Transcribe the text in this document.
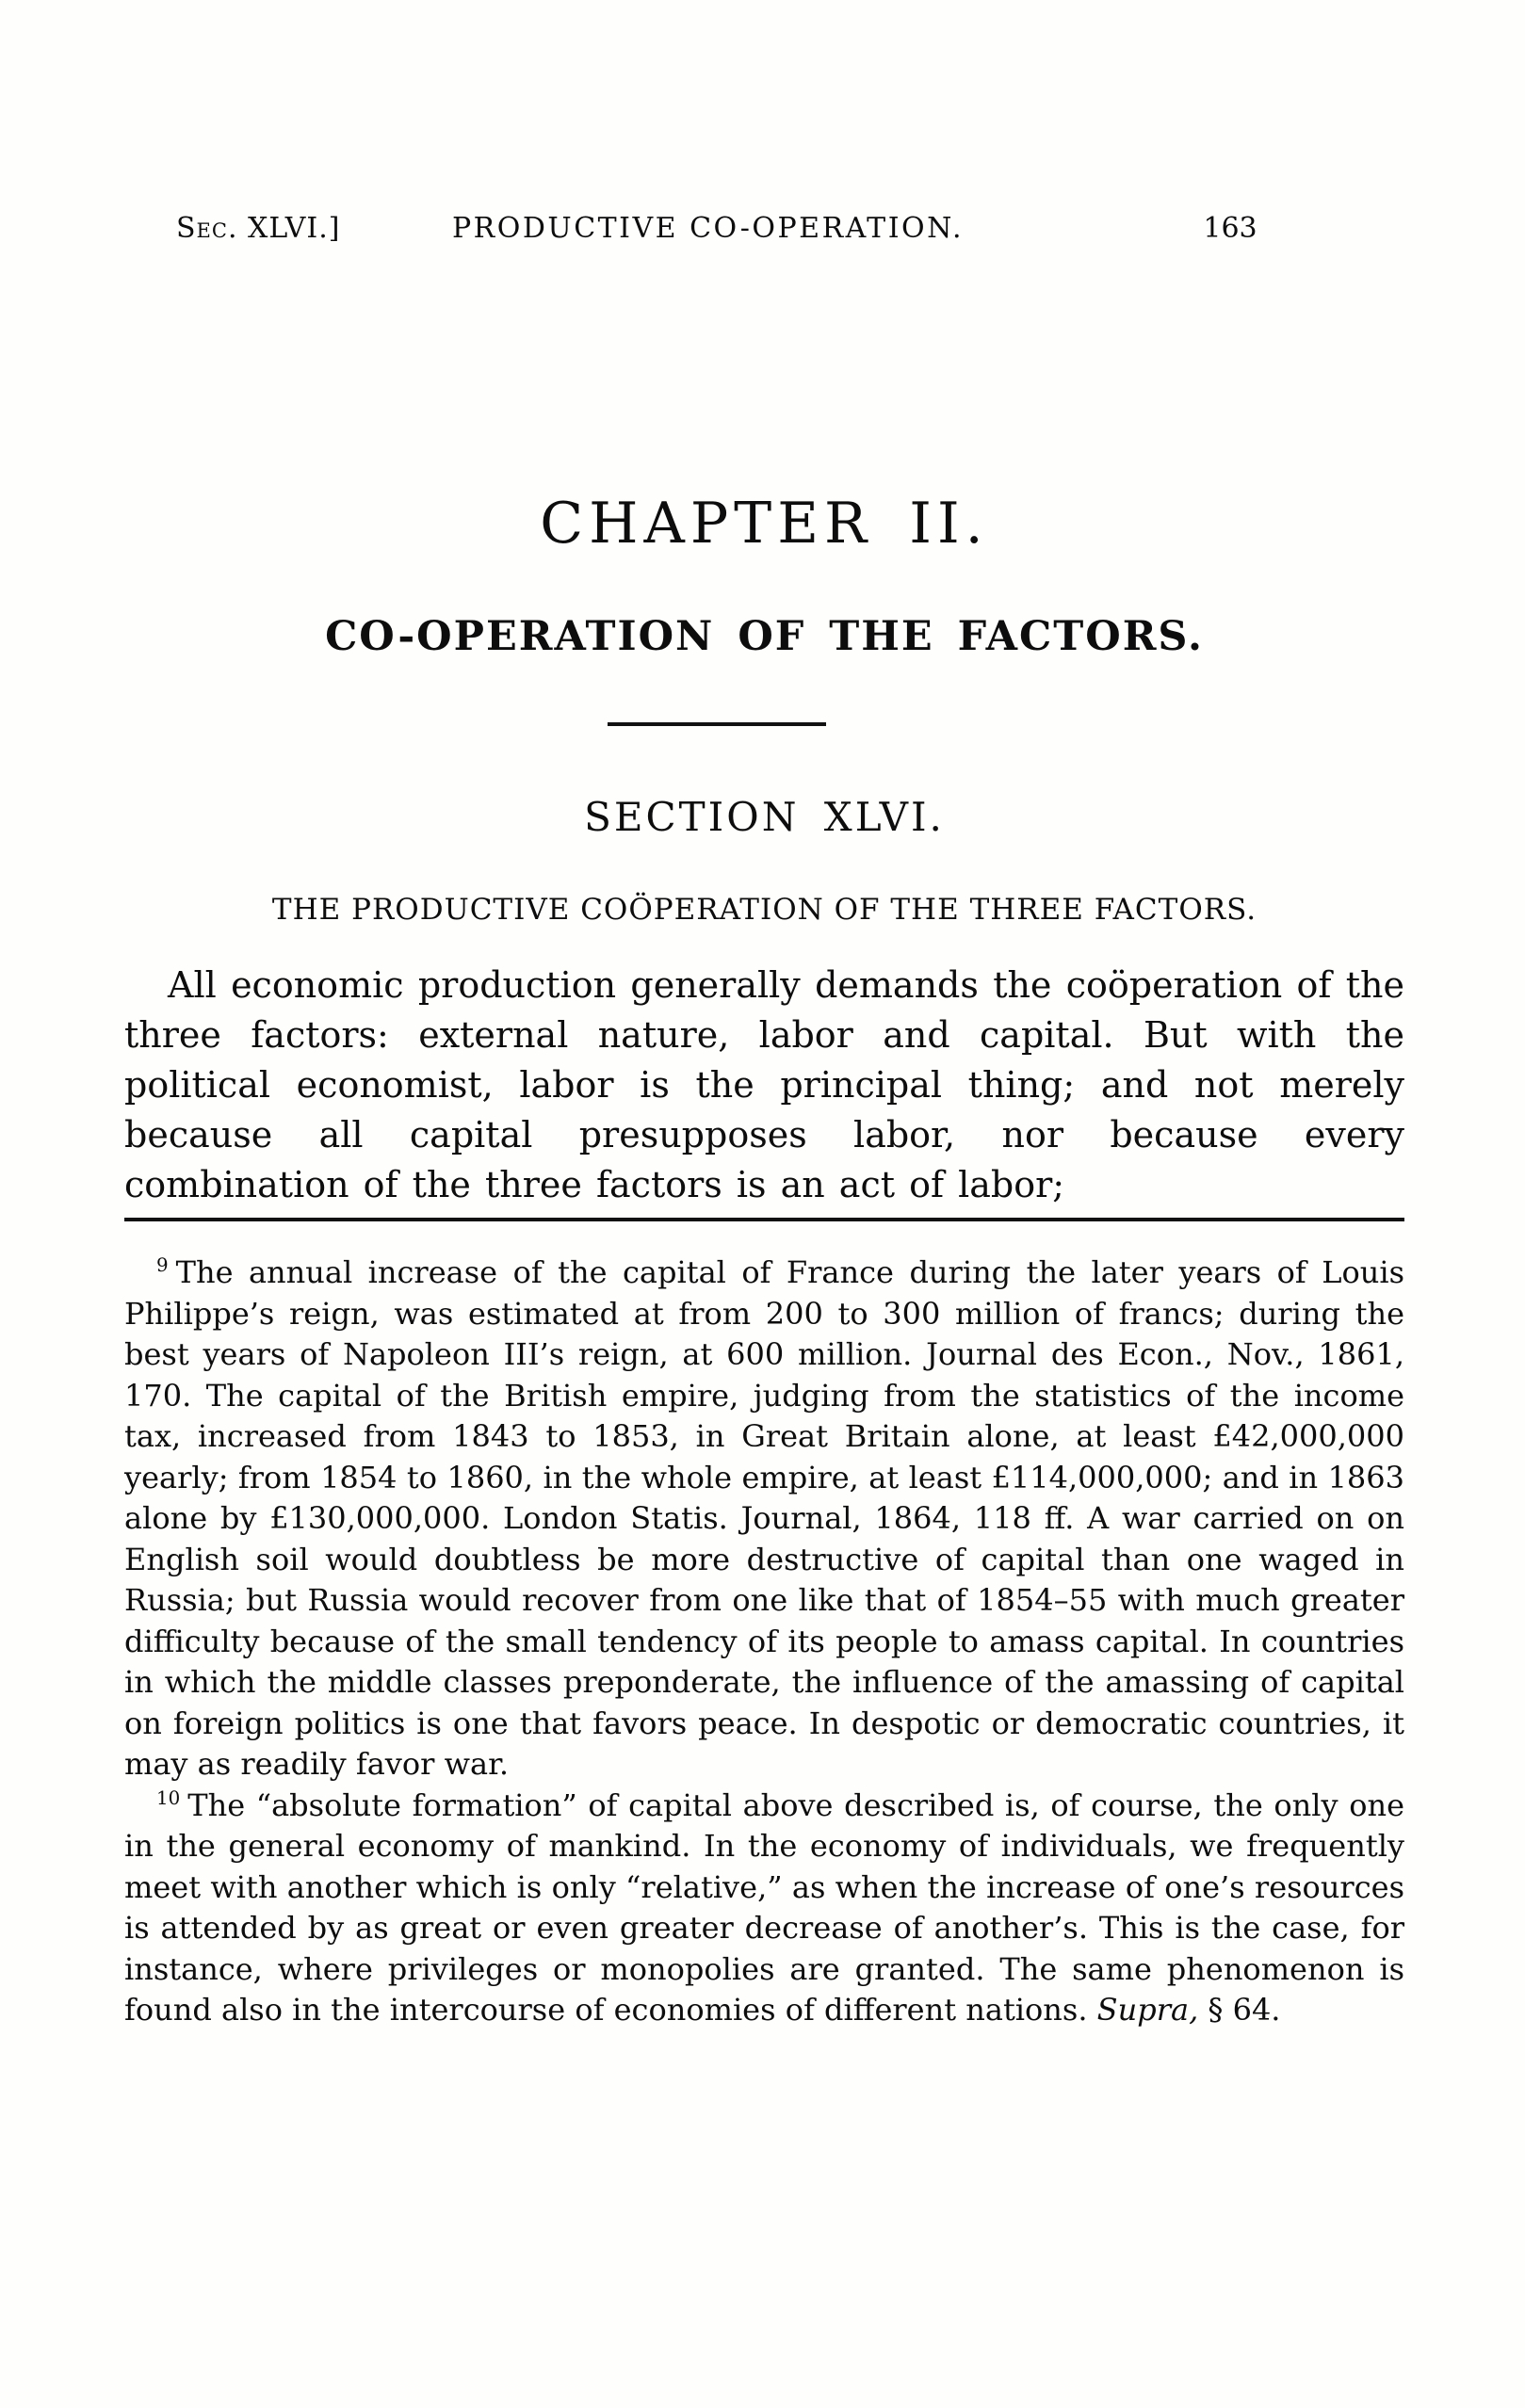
Sec. XLVI.]	PRODUCTIVE CO-OPERATION.	163
CHAPTER II.
CO-OPERATION OF THE FACTORS.
SECTION XLVI.
THE PRODUCTIVE COÖPERATION OF THE THREE FACTORS.

All economic production generally demands the coöperation of the three factors: external nature, labor and capital. But with the political economist, labor is the principal thing; and not merely because all capital presupposes labor, nor because every combination of the three factors is an act of labor;

$^9$ The annual increase of the capital of France during the later years of Louis Philippe’s reign, was estimated at from 200 to 300 million of francs; during the best years of Napoleon III’s reign, at 600 million. Journal des Econ., Nov., 1861, 170. The capital of the British empire, judging from the statistics of the income tax, increased from 1843 to 1853, in Great Britain alone, at least £42,000,000 yearly; from 1854 to 1860, in the whole empire, at least £114,000,000; and in 1863 alone by £130,000,000. London Statis. Journal, 1864, 118 ff. A war carried on on English soil would doubtless be more destructive of capital than one waged in Russia; but Russia would recover from one like that of 1854–55 with much greater difficulty because of the small tendency of its people to amass capital. In countries in which the middle classes preponderate, the influence of the amassing of capital on foreign politics is one that favors peace. In despotic or democratic countries, it may as readily favor war.

$^{10}$ The “absolute formation” of capital above described is, of course, the only one in the general economy of mankind. In the economy of individuals, we frequently meet with another which is only “relative,” as when the increase of one’s resources is attended by as great or even greater decrease of another’s. This is the case, for instance, where privileges or monopolies are granted. The same phenomenon is found also in the intercourse of economies of different nations. Supra, § 64.
